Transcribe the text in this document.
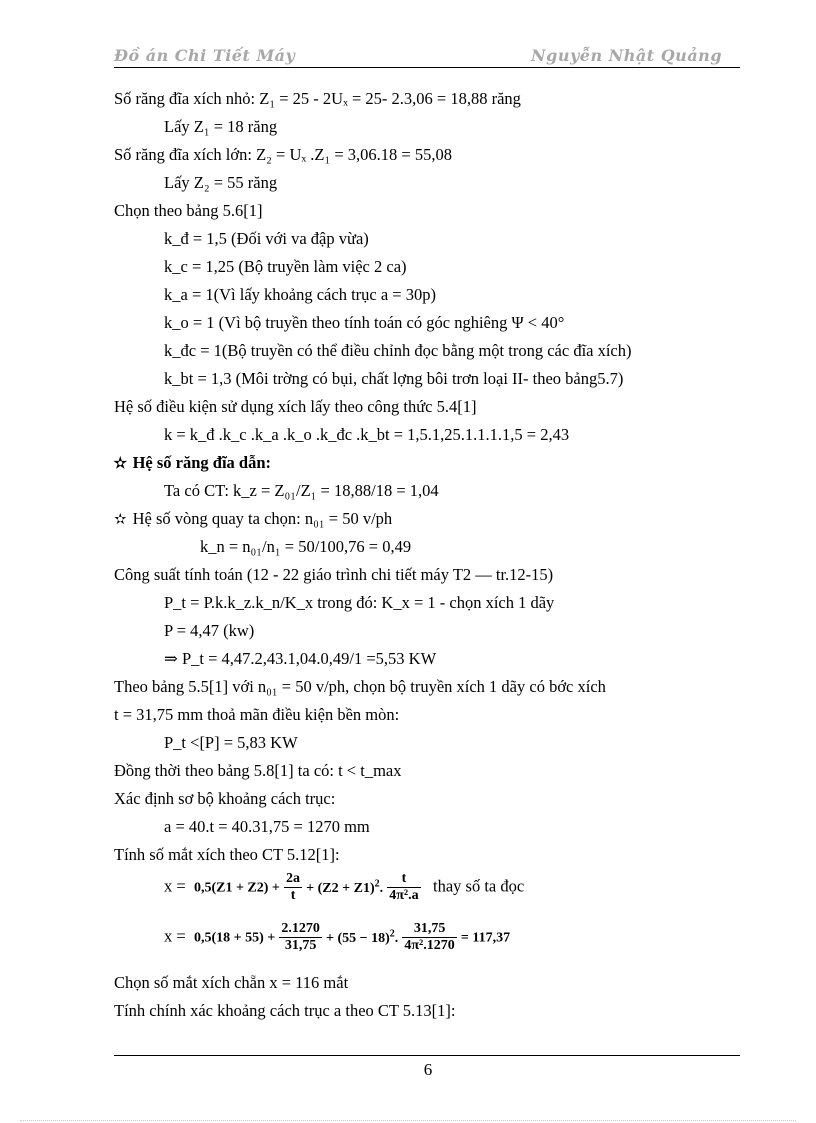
Đồ án Chi Tiết Máy	Nguyễn Nhật Quảng
Số răng đĩa xích nhỏ: Z₁ = 25 - 2Uₓ = 25- 2.3,06 = 18,88 răng
Lấy Z₁ = 18 răng
Số răng đĩa xích lớn: Z₂ = Uₓ .Z₁ = 3,06.18 = 55,08
Lấy Z₂ = 55 răng
Chọn theo bảng 5.6[1]
k_đ = 1,5 (Đối với va đập vừa)
k_c = 1,25 (Bộ truyền làm việc 2 ca)
k_a = 1(Vì lấy khoảng cách trục a = 30p)
k_o = 1 (Vì bộ truyền theo tính toán có góc nghiêng Ψ < 40°
k_đc = 1(Bộ truyền có thể điều chỉnh đọc bằng một trong các đĩa xích)
k_bt = 1,3 (Môi trờng có bụi, chất lợng bôi trơn loại II- theo bảng5.7)
Hệ số điều kiện sử dụng xích lấy theo công thức 5.4[1]
k = k_đ .k_c .k_a .k_o .k_đc .k_bt = 1,5.1,25.1.1.1.1,5 = 2,43
✫ Hệ số răng đĩa dẫn:
Ta có CT: k_z = Z₀₁/Z₁ = 18,88/18 = 1,04
✫ Hệ số vòng quay ta chọn: n₀₁ = 50 v/ph
k_n = n₀₁/n₁ = 50/100,76 = 0,49
Công suất tính toán (12 - 22 giáo trình chi tiết máy T2 — tr.12-15)
P_t = P.k.k_z.k_n/K_x trong đó: K_x = 1 - chọn xích 1 dãy
P = 4,47 (kw)
⇒ P_t = 4,47.2,43.1,04.0,49/1 =5,53 KW
Theo bảng 5.5[1] với n₀₁ = 50 v/ph, chọn bộ truyền xích 1 dãy có bớc xích
t = 31,75 mm thoả mãn điều kiện bền mòn:
P_t <[P] = 5,83 KW
Đồng thời theo bảng 5.8[1] ta có: t < t_max
Xác định sơ bộ khoảng cách trục:
a = 40.t = 40.31,75 = 1270 mm
Tính số mắt xích theo CT 5.12[1]:
$x = 0,5(Z1 + Z2) + \frac{2a}{t} + (Z2 + Z1)^2$. $\frac{t}{\text{4π².a}}$ thay số ta đọc
$x = 0,5(18 + 55) + \frac{2.1270}{31,75} + (55 - 18)^2$. $\frac{31,75}{\text{4π².1270}} = 117,37$
Chọn số mắt xích chẵn x = 116 mắt
Tính chính xác khoảng cách trục a theo CT 5.13[1]:
6
